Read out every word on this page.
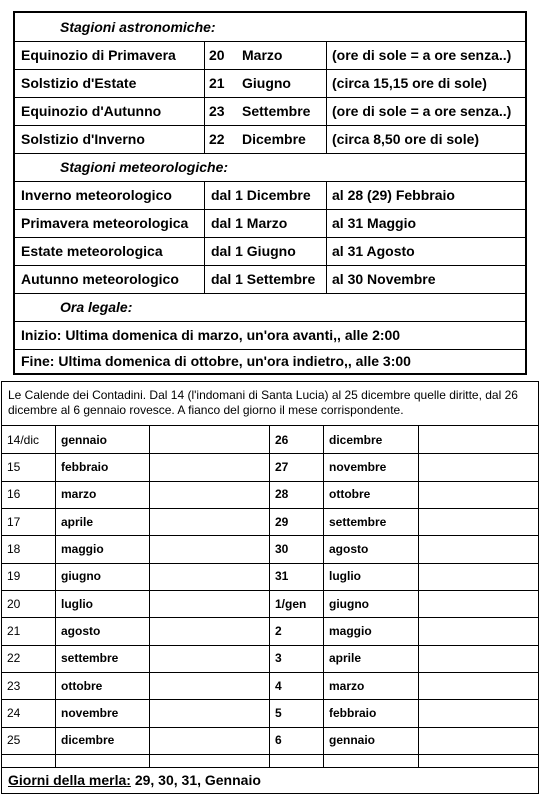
Stagioni astronomiche:
Equinozio di Primavera	20 Marzo	(ore di sole = a ore senza..)
Solstizio d'Estate	21 Giugno	(circa 15,15 ore di sole)
Equinozio d'Autunno	23 Settembre	(ore di sole = a ore senza..)
Solstizio d'Inverno	22 Dicembre	(circa 8,50 ore di sole)
Stagioni meteorologiche:
Inverno meteorologico	dal 1 Dicembre	al 28 (29) Febbraio
Primavera meteorologica	dal 1 Marzo	al 31 Maggio
Estate meteorologica	dal 1 Giugno	al 31 Agosto
Autunno meteorologico	dal 1 Settembre	al 30 Novembre
Ora legale:
Inizio: Ultima domenica di marzo, un'ora avanti,, alle 2:00
Fine: Ultima domenica di ottobre, un'ora indietro,, alle 3:00
Le Calende dei Contadini. Dal 14 (l'indomani di Santa Lucia) al 25 dicembre quelle diritte, dal 26 dicembre al 6 gennaio rovesce. A fianco del giorno il mese corrispondente.
14/dic	gennaio	26	dicembre
15	febbraio	27	novembre
16	marzo	28	ottobre
17	aprile	29	settembre
18	maggio	30	agosto
19	giugno	31	luglio
20	luglio	1/gen	giugno
21	agosto	2	maggio
22	settembre	3	aprile
23	ottobre	4	marzo
24	novembre	5	febbraio
25	dicembre	6	gennaio
Giorni della merla: 29, 30, 31, Gennaio
